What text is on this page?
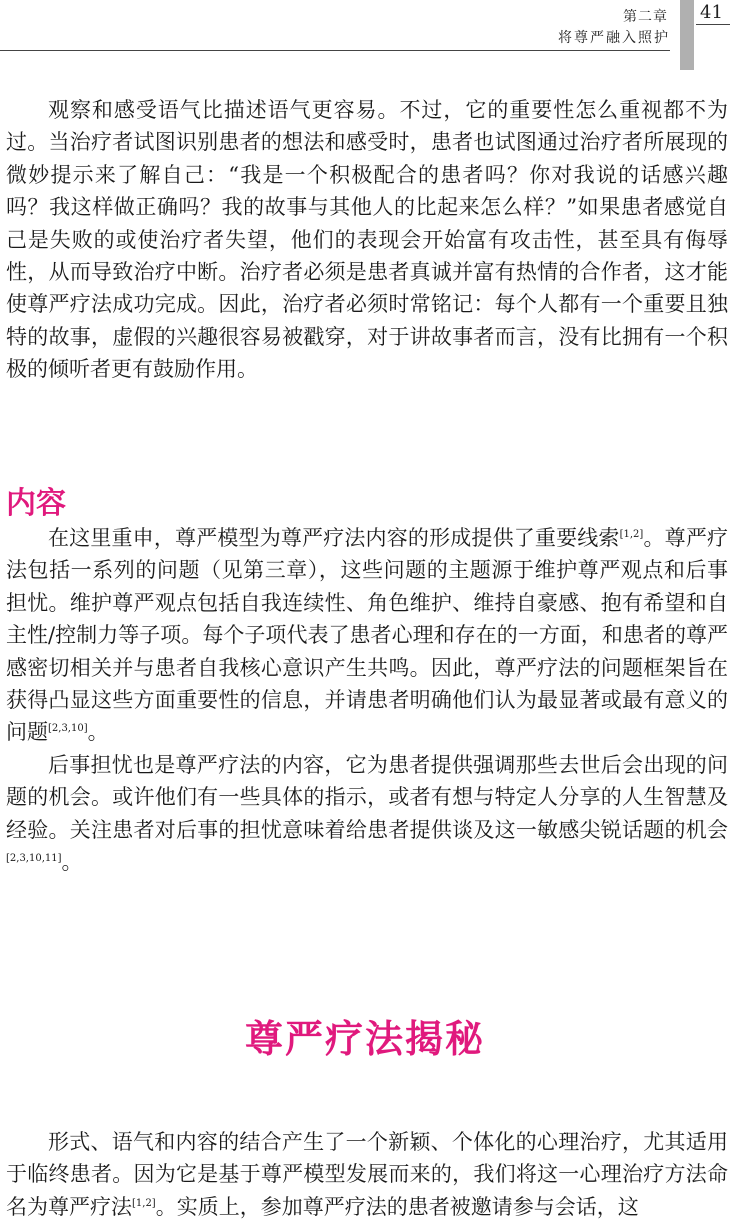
第二章
将尊严融入照护
41

观察和感受语气比描述语气更容易。不过，它的重要性怎么重视都不为过。当治疗者试图识别患者的想法和感受时，患者也试图通过治疗者所展现的微妙提示来了解自己：“我是一个积极配合的患者吗？你对我说的话感兴趣吗？我这样做正确吗？我的故事与其他人的比起来怎么样？”如果患者感觉自己是失败的或使治疗者失望，他们的表现会开始富有攻击性，甚至具有侮辱性，从而导致治疗中断。治疗者必须是患者真诚并富有热情的合作者，这才能使尊严疗法成功完成。因此，治疗者必须时常铭记：每个人都有一个重要且独特的故事，虚假的兴趣很容易被戳穿，对于讲故事者而言，没有比拥有一个积极的倾听者更有鼓励作用。

内容

在这里重申，尊严模型为尊严疗法内容的形成提供了重要线索[1,2]。尊严疗法包括一系列的问题（见第三章），这些问题的主题源于维护尊严观点和后事担忧。维护尊严观点包括自我连续性、角色维护、维持自豪感、抱有希望和自主性/控制力等子项。每个子项代表了患者心理和存在的一方面，和患者的尊严感密切相关并与患者自我核心意识产生共鸣。因此，尊严疗法的问题框架旨在获得凸显这些方面重要性的信息，并请患者明确他们认为最显著或最有意义的问题[2,3,10]。

后事担忧也是尊严疗法的内容，它为患者提供强调那些去世后会出现的问题的机会。或许他们有一些具体的指示，或者有想与特定人分享的人生智慧及经验。关注患者对后事的担忧意味着给患者提供谈及这一敏感尖锐话题的机会[2,3,10,11]。

尊严疗法揭秘

形式、语气和内容的结合产生了一个新颖、个体化的心理治疗，尤其适用于临终患者。因为它是基于尊严模型发展而来的，我们将这一心理治疗方法命名为尊严疗法[1,2]。实质上，参加尊严疗法的患者被邀请参与会话，这
